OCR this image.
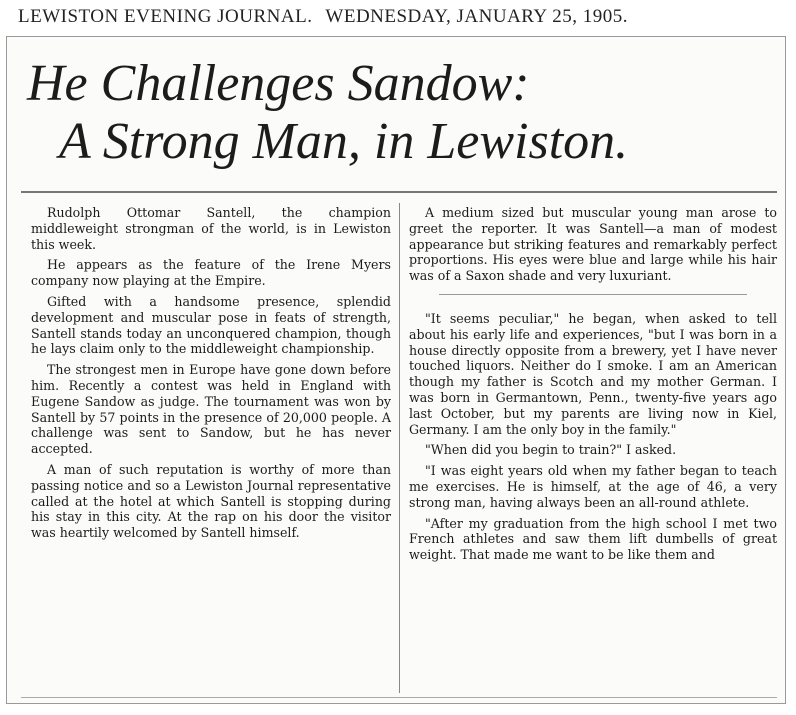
LEWISTON EVENING JOURNAL. WEDNESDAY, JANUARY 25, 1905.
He Challenges Sandow:
A Strong Man, in Lewiston.

Rudolph Ottomar Santell, the champion middleweight strongman of the world, is in Lewiston this week.

He appears as the feature of the Irene Myers company now playing at the Empire.

Gifted with a handsome presence, splendid development and muscular pose in feats of strength, Santell stands today an unconquered champion, though he lays claim only to the middleweight championship.

The strongest men in Europe have gone down before him. Recently a contest was held in England with Eugene Sandow as judge. The tournament was won by Santell by 57 points in the presence of 20,000 people. A challenge was sent to Sandow, but he has never accepted.

A man of such reputation is worthy of more than passing notice and so a Lewiston Journal representative called at the hotel at which Santell is stopping during his stay in this city. At the rap on his door the visitor was heartily welcomed by Santell himself.

A medium sized but muscular young man arose to greet the reporter. It was Santell—a man of modest appearance but striking features and remarkably perfect proportions. His eyes were blue and large while his hair was of a Saxon shade and very luxuriant.

"It seems peculiar," he began, when asked to tell about his early life and experiences, "but I was born in a house directly opposite from a brewery, yet I have never touched liquors. Neither do I smoke. I am an American though my father is Scotch and my mother German. I was born in Germantown, Penn., twenty-five years ago last October, but my parents are living now in Kiel, Germany. I am the only boy in the family."

"When did you begin to train?" I asked.

"I was eight years old when my father began to teach me exercises. He is himself, at the age of 46, a very strong man, having always been an all-round athlete.

"After my graduation from the high school I met two French athletes and saw them lift dumbells of great weight. That made me want to be like them and
